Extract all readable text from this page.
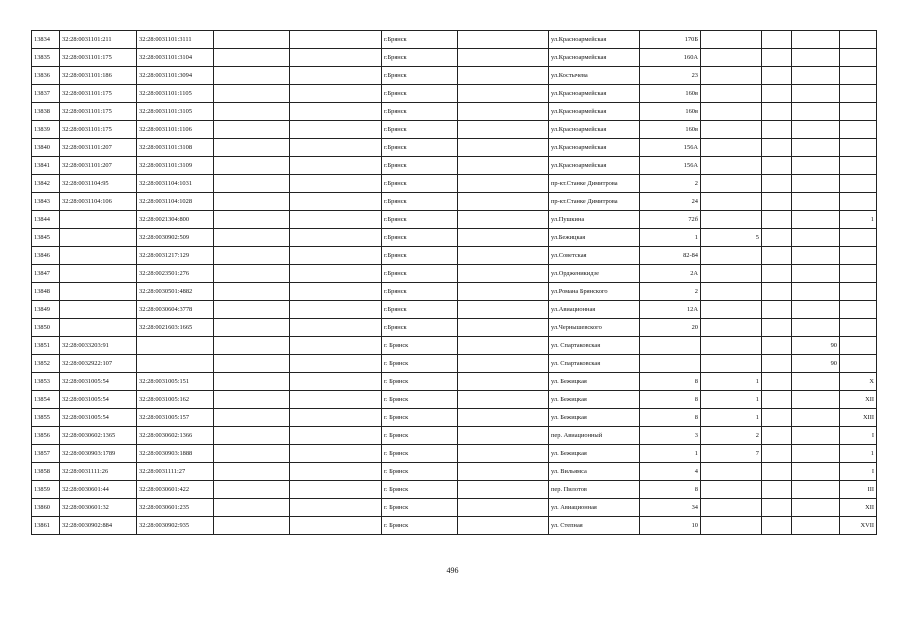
13834	32:28:0031101:211	32:28:0031101:3111			г.Брянск		ул.Красноармейская	170Б				
13835	32:28:0031101:175	32:28:0031101:3104			г.Брянск		ул.Красноармейская	160А				
13836	32:28:0031101:186	32:28:0031101:3094			г.Брянск		ул.Костычева	23				
13837	32:28:0031101:175	32:28:0031101:1105			г.Брянск		ул.Красноармейская	160в				
13838	32:28:0031101:175	32:28:0031101:3105			г.Брянск		ул.Красноармейская	160в				
13839	32:28:0031101:175	32:28:0031101:1106			г.Брянск		ул.Красноармейская	160в				
13840	32:28:0031101:207	32:28:0031101:3108			г.Брянск		ул.Красноармейская	156А				
13841	32:28:0031101:207	32:28:0031101:3109			г.Брянск		ул.Красноармейская	156А				
13842	32:28:0031104:95	32:28:0031104:1031			г.Брянск		пр-кт.Станке Димитрова	2				
13843	32:28:0031104:106	32:28:0031104:1028			г.Брянск		пр-кт.Станке Димитрова	24				
13844		32:28:0021304:800			г.Брянск		ул.Пушкина	72б				1
13845		32:28:0030902:509			г.Брянск		ул.Бежицкая	1	5			
13846		32:28:0031217:129			г.Брянск		ул.Советская	82-84				
13847		32:28:0023501:276			г.Брянск		ул.Ордженикидзе	2А				
13848		32:28:0030501:4882			г.Брянск		ул.Романа Брянского	2				
13849		32:28:0030604:3778			г.Брянск		ул.Авиационная	12А				
13850		32:28:0021603:1665			г.Брянск		ул.Чернышевского	20				
13851	32:28:0033203:91				г. Брянск		ул. Спартаковская				90	
13852	32:28:0032922:107				г. Брянск		ул. Спартаковская				90	
13853	32:28:0031005:54	32:28:0031005:151			г. Брянск		ул. Бежицкая	8	1			X
13854	32:28:0031005:54	32:28:0031005:162			г. Брянск		ул. Бежицкая	8	1			XII
13855	32:28:0031005:54	32:28:0031005:157			г. Брянск		ул. Бежицкая	8	1			XIII
13856	32:28:0030602:1365	32:28:0030602:1366			г. Брянск		пер. Авиационный	3	2			I
13857	32:28:0030903:1789	32:28:0030903:1888			г. Брянск		ул. Бежицкая	1	7			1
13858	32:28:0031111:26	32:28:0031111:27			г. Брянск		ул. Вильямса	4				I
13859	32:28:0030601:44	32:28:0030601:422			г. Брянск		пер. Пилотов	8				III
13860	32:28:0030601:32	32:28:0030601:235			г. Брянск		ул. Авиационная	34				XII
13861	32:28:0030902:884	32:28:0030902:935			г. Брянск		ул. Степная	10				XVII
496
